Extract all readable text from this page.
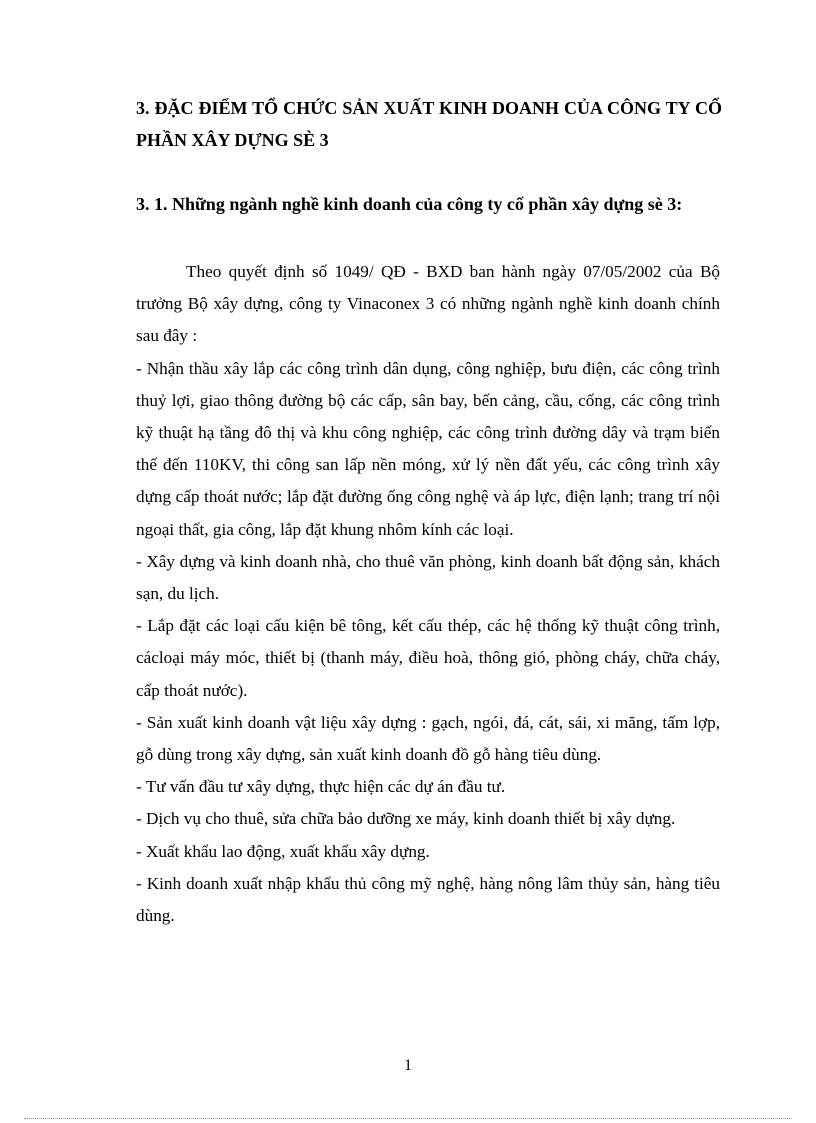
3. ĐẶC ĐIỂM TỔ CHỨC SẢN XUẤT KINH DOANH CỦA CÔNG TY CỔ PHẦN XÂY DỰNG SÈ 3
3. 1. Những ngành nghề kinh doanh của công ty cổ phần xây dựng sè 3:

Theo quyết định số 1049/ QĐ - BXD ban hành ngày 07/05/2002 của Bộ trưởng Bộ xây dựng, công ty Vinaconex 3 có những ngành nghề kinh doanh chính sau đây :

- Nhận thầu xây lắp các công trình dân dụng, công nghiệp, bưu điện, các công trình thuỷ lợi, giao thông đường bộ các cấp, sân bay, bến cảng, cầu, cống, các công trình kỹ thuật hạ tầng đô thị và khu công nghiệp, các công trình đường dây và trạm biến thế đến 110KV, thi công san lấp nền móng, xử lý nền đất yếu, các công trình xây dựng cấp thoát nước; lắp đặt đường ống công nghệ và áp lực, điện lạnh; trang trí nội ngoại thất, gia công, lắp đặt khung nhôm kính các loại.

- Xây dựng và kinh doanh nhà, cho thuê văn phòng, kinh doanh bất động sản, khách sạn, du lịch.

- Lắp đặt các loại cấu kiện bê tông, kết cấu thép, các hệ thống kỹ thuật công trình, cácloại máy móc, thiết bị (thanh máy, điều hoà, thông gió, phòng cháy, chữa cháy, cấp thoát nước).

- Sản xuất kinh doanh vật liệu xây dựng : gạch, ngói, đá, cát, sái, xi măng, tấm lợp, gỗ dùng trong xây dựng, sản xuất kinh doanh đồ gỗ hàng tiêu dùng.

- Tư vấn đầu tư xây dựng, thực hiện các dự án đầu tư.

- Dịch vụ cho thuê, sửa chữa bảo dưỡng xe máy, kinh doanh thiết bị xây dựng.

- Xuất khẩu lao động, xuất khẩu xây dựng.

- Kinh doanh xuất nhập khẩu thủ công mỹ nghệ, hàng nông lâm thủy sản, hàng tiêu dùng.

1
